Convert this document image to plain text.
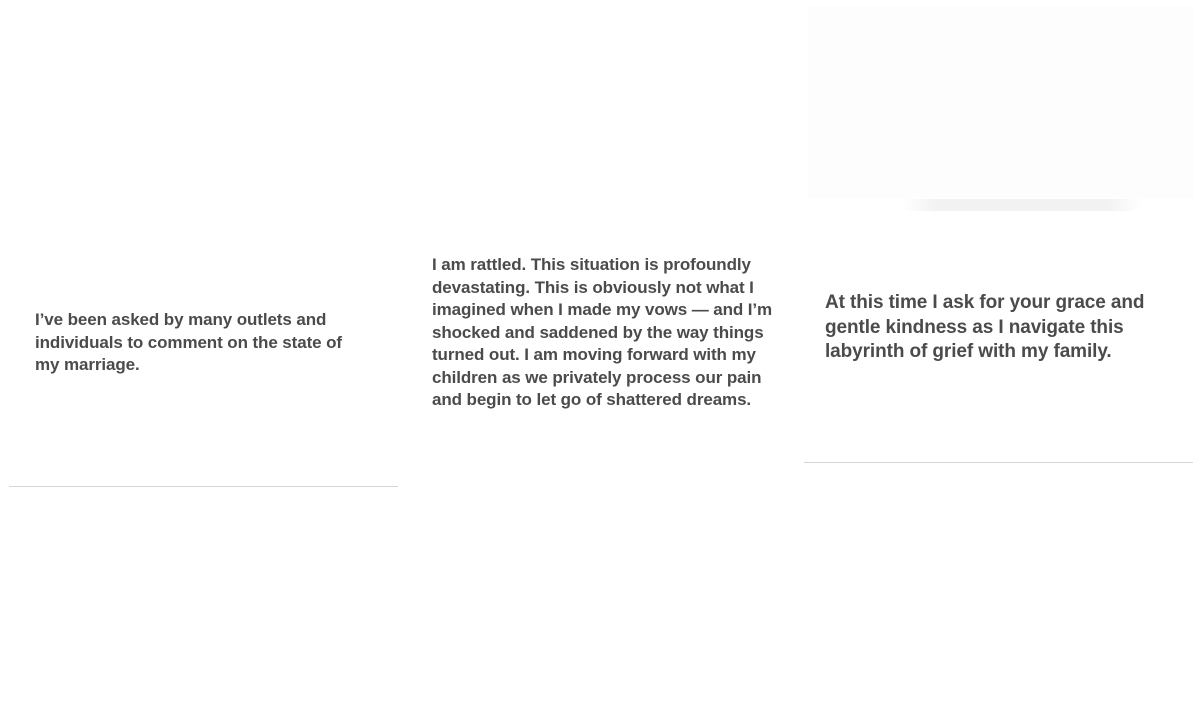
I’ve been asked by many outlets and individuals to comment on the state of my marriage.

I am rattled. This situation is profoundly devastating. This is obviously not what I imagined when I made my vows — and I’m shocked and saddened by the way things turned out. I am moving forward with my children as we privately process our pain and begin to let go of shattered dreams.

At this time I ask for your grace and gentle kindness as I navigate this labyrinth of grief with my family.
